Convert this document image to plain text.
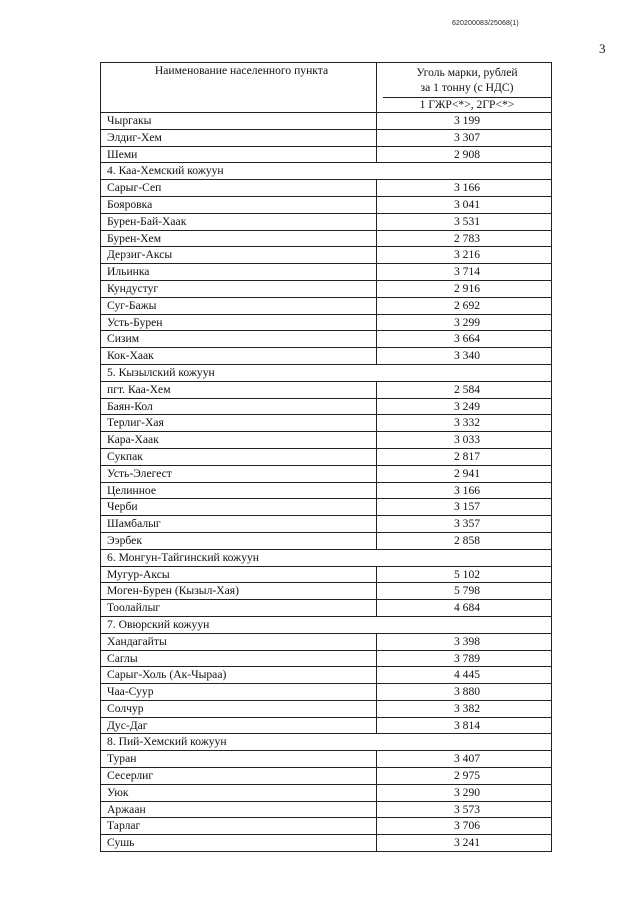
620200083/25068(1)
3
Наименование населенного пункта	Уголь марки, рублей
за 1 тонну (с НДС)
1 ГЖР<*>, 2ГР<*>

Чыргакы	3 199
Элдиг-Хем	3 307
Шеми	2 908
4. Каа-Хемский кожуун	
Сарыг-Сеп	3 166
Бояровка	3 041
Бурен-Бай-Хаак	3 531
Бурен-Хем	2 783
Дерзиг-Аксы	3 216
Ильинка	3 714
Кундустуг	2 916
Суг-Бажы	2 692
Усть-Бурен	3 299
Сизим	3 664
Кок-Хаак	3 340
5. Кызылский кожуун	
пгт. Каа-Хем	2 584
Баян-Кол	3 249
Терлиг-Хая	3 332
Кара-Хаак	3 033
Сукпак	2 817
Усть-Элегест	2 941
Целинное	3 166
Черби	3 157
Шамбалыг	3 357
Ээрбек	2 858
6. Монгун-Тайгинский кожуун	
Мугур-Аксы	5 102
Моген-Бурен (Кызыл-Хая)	5 798
Тоолайлыг	4 684
7. Овюрский кожуун	
Хандагайты	3 398
Саглы	3 789
Сарыг-Холь (Ак-Чыраа)	4 445
Чаа-Суур	3 880
Солчур	3 382
Дус-Даг	3 814
8. Пий-Хемский кожуун	
Туран	3 407
Сесерлиг	2 975
Уюк	3 290
Аржаан	3 573
Тарлаг	3 706
Сушь	3 241
